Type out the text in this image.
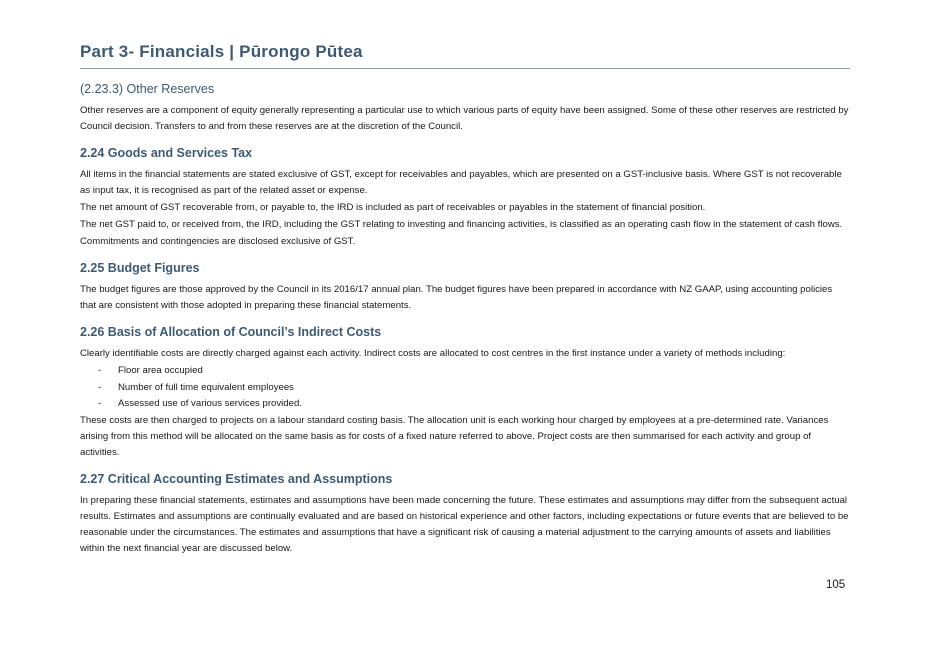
Part 3- Financials | Pūrongo Pūtea
(2.23.3) Other Reserves

Other reserves are a component of equity generally representing a particular use to which various parts of equity have been assigned. Some of these other reserves are restricted by Council decision. Transfers to and from these reserves are at the discretion of the Council.

2.24 Goods and Services Tax

All items in the financial statements are stated exclusive of GST, except for receivables and payables, which are presented on a GST-inclusive basis. Where GST is not recoverable as input tax, it is recognised as part of the related asset or expense.

The net amount of GST recoverable from, or payable to, the IRD is included as part of receivables or payables in the statement of financial position.

The net GST paid to, or received from, the IRD, including the GST relating to investing and financing activities, is classified as an operating cash flow in the statement of cash flows.

Commitments and contingencies are disclosed exclusive of GST.

2.25 Budget Figures

The budget figures are those approved by the Council in its 2016/17 annual plan. The budget figures have been prepared in accordance with NZ GAAP, using accounting policies that are consistent with those adopted in preparing these financial statements.

2.26 Basis of Allocation of Council’s Indirect Costs

Clearly identifiable costs are directly charged against each activity. Indirect costs are allocated to cost centres in the first instance under a variety of methods including:

- Floor area occupied
- Number of full time equivalent employees
- Assessed use of various services provided.

These costs are then charged to projects on a labour standard costing basis. The allocation unit is each working hour charged by employees at a pre-determined rate. Variances arising from this method will be allocated on the same basis as for costs of a fixed nature referred to above. Project costs are then summarised for each activity and group of activities.

2.27 Critical Accounting Estimates and Assumptions

In preparing these financial statements, estimates and assumptions have been made concerning the future. These estimates and assumptions may differ from the subsequent actual results. Estimates and assumptions are continually evaluated and are based on historical experience and other factors, including expectations or future events that are believed to be reasonable under the circumstances. The estimates and assumptions that have a significant risk of causing a material adjustment to the carrying amounts of assets and liabilities within the next financial year are discussed below.

105
